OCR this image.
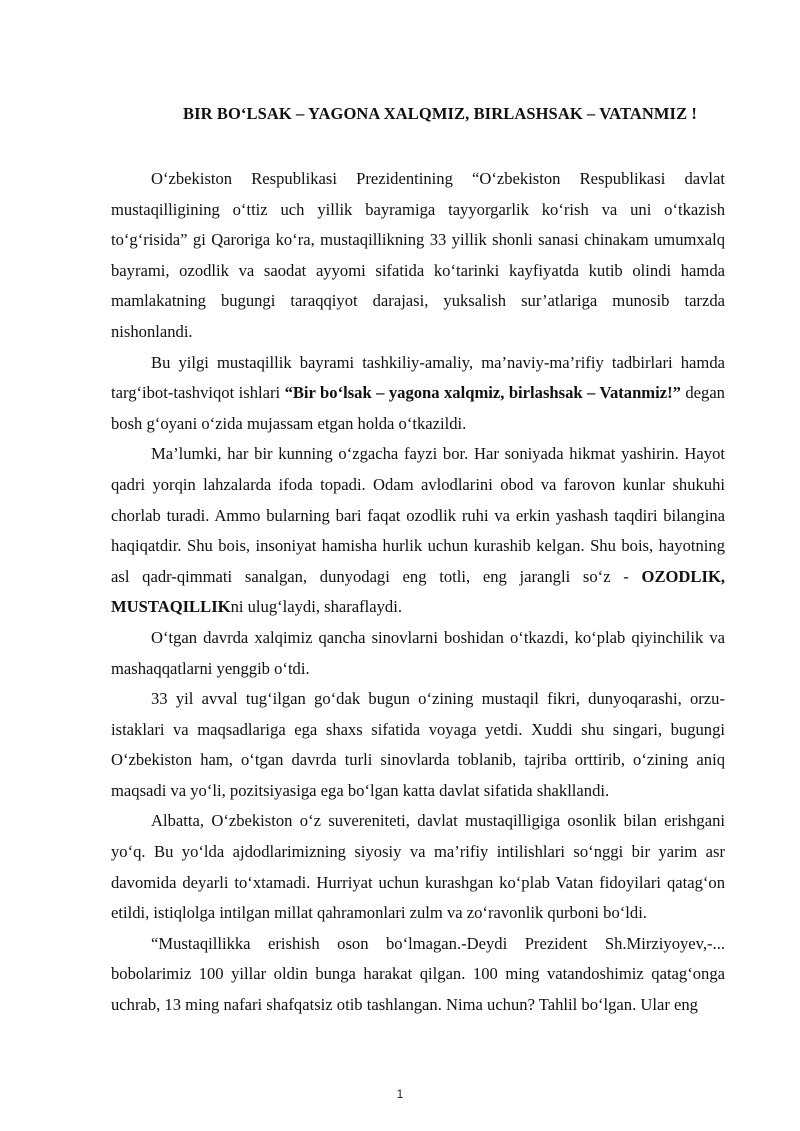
BIR BO‘LSAK – YAGONA XALQMIZ, BIRLASHSAK – VATANMIZ !

O‘zbekiston Respublikasi Prezidentining “O‘zbekiston Respublikasi davlat mustaqilligining o‘ttiz uch yillik bayramiga tayyorgarlik ko‘rish va uni o‘tkazish to‘g‘risida” gi Qaroriga ko‘ra, mustaqillikning 33 yillik shonli sanasi chinakam umumxalq bayrami, ozodlik va saodat ayyomi sifatida ko‘tarinki kayfiyatda kutib olindi hamda mamlakatning bugungi taraqqiyot darajasi, yuksalish sur’atlariga munosib tarzda nishonlandi.

Bu yilgi mustaqillik bayrami tashkiliy-amaliy, ma’naviy-ma’rifiy tadbirlari hamda targ‘ibot-tashviqot ishlari “Bir bo‘lsak – yagona xalqmiz, birlashsak – Vatanmiz!” degan bosh g‘oyani o‘zida mujassam etgan holda o‘tkazildi.

Ma’lumki, har bir kunning o‘zgacha fayzi bor. Har soniyada hikmat yashirin. Hayot qadri yorqin lahzalarda ifoda topadi. Odam avlodlarini obod va farovon kunlar shukuhi chorlab turadi. Ammo bularning bari faqat ozodlik ruhi va erkin yashash taqdiri bilangina haqiqatdir. Shu bois, insoniyat hamisha hurlik uchun kurashib kelgan. Shu bois, hayotning asl qadr-qimmati sanalgan, dunyodagi eng totli, eng jarangli so‘z - OZODLIK, MUSTAQILLIKni ulug‘laydi, sharaflaydi.

O‘tgan davrda xalqimiz qancha sinovlarni boshidan o‘tkazdi, ko‘plab qiyinchilik va mashaqqatlarni yenggib o‘tdi.

33 yil avval tug‘ilgan go‘dak bugun o‘zining mustaqil fikri, dunyoqarashi, orzu-istaklari va maqsadlariga ega shaxs sifatida voyaga yetdi. Xuddi shu singari, bugungi O‘zbekiston ham, o‘tgan davrda turli sinovlarda toblanib, tajriba orttirib, o‘zining aniq maqsadi va yo‘li, pozitsiyasiga ega bo‘lgan katta davlat sifatida shakllandi.

Albatta, O‘zbekiston o‘z suvereniteti, davlat mustaqilligiga osonlik bilan erishgani yo‘q. Bu yo‘lda ajdodlarimizning siyosiy va ma’rifiy intilishlari so‘nggi bir yarim asr davomida deyarli to‘xtamadi. Hurriyat uchun kurashgan ko‘plab Vatan fidoyilari qatag‘on etildi, istiqlolga intilgan millat qahramonlari zulm va zo‘ravonlik qurboni bo‘ldi.

“Mustaqillikka erishish oson bo‘lmagan.-Deydi Prezident Sh.Mirziyoyev,-... bobolarimiz 100 yillar oldin bunga harakat qilgan. 100 ming vatandoshimiz qatag‘onga uchrab, 13 ming nafari shafqatsiz otib tashlangan. Nima uchun? Tahlil bo‘lgan. Ular eng

1
